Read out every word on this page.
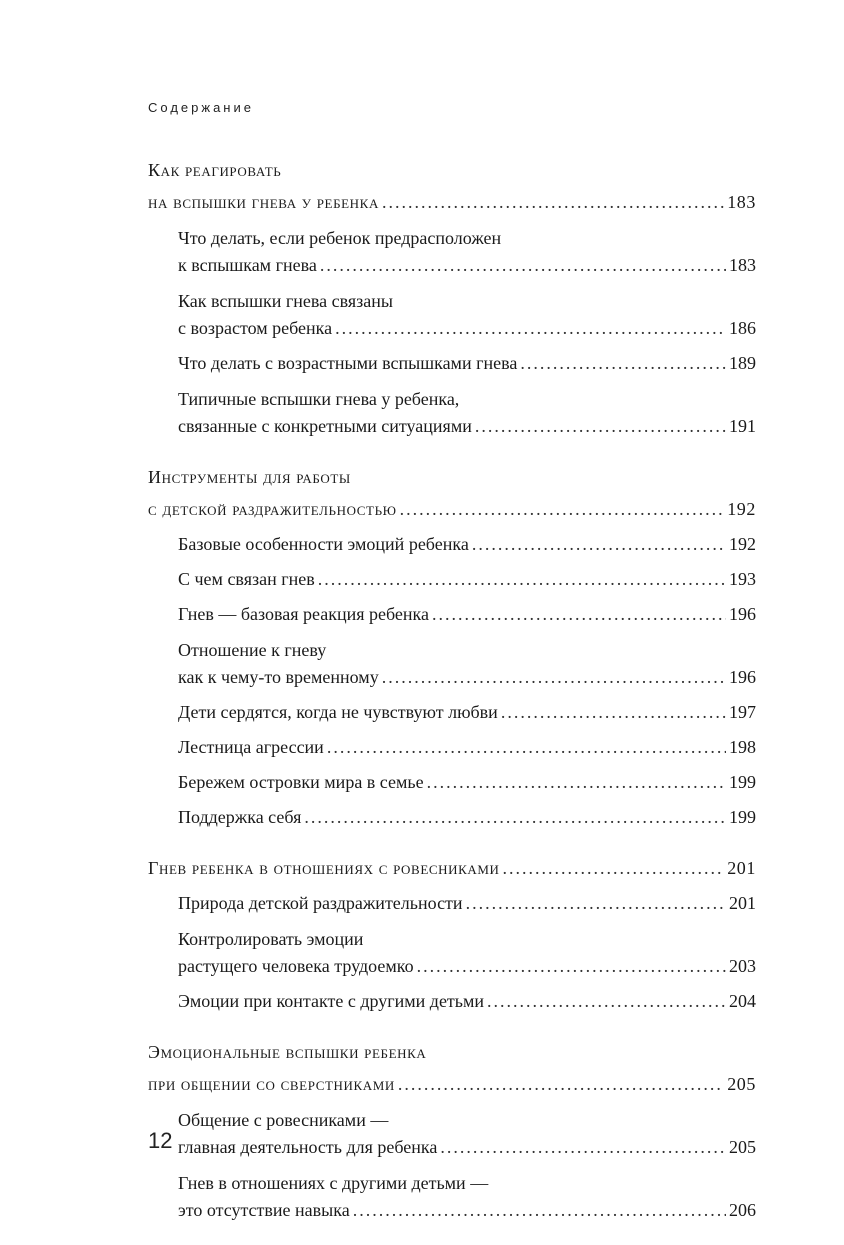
Содержание
Как реагировать
на вспышки гнева у ребенка .....	183
Что делать, если ребенок предрасположен
к вспышкам гнева .....	183
Как вспышки гнева связаны
с возрастом ребенка .....	186
Что делать с возрастными вспышками гнева .....	189
Типичные вспышки гнева у ребенка,
связанные с конкретными ситуациями .....	191
Инструменты для работы
с детской раздражительностью .....	192
Базовые особенности эмоций ребенка .....	192
С чем связан гнев .....	193
Гнев — базовая реакция ребенка .....	196
Отношение к гневу
как к чему-то временному .....	196
Дети сердятся, когда не чувствуют любви .....	197
Лестница агрессии .....	198
Бережем островки мира в семье .....	199
Поддержка себя .....	199
Гнев ребенка в отношениях с ровесниками .....	201
Природа детской раздражительности .....	201
Контролировать эмоции
растущего человека трудоемко .....	203
Эмоции при контакте с другими детьми .....	204
Эмоциональные вспышки ребенка
при общении со сверстниками .....	205
Общение с ровесниками —
главная деятельность для ребенка .....	205
Гнев в отношениях с другими детьми —
это отсутствие навыка .....	206
12
